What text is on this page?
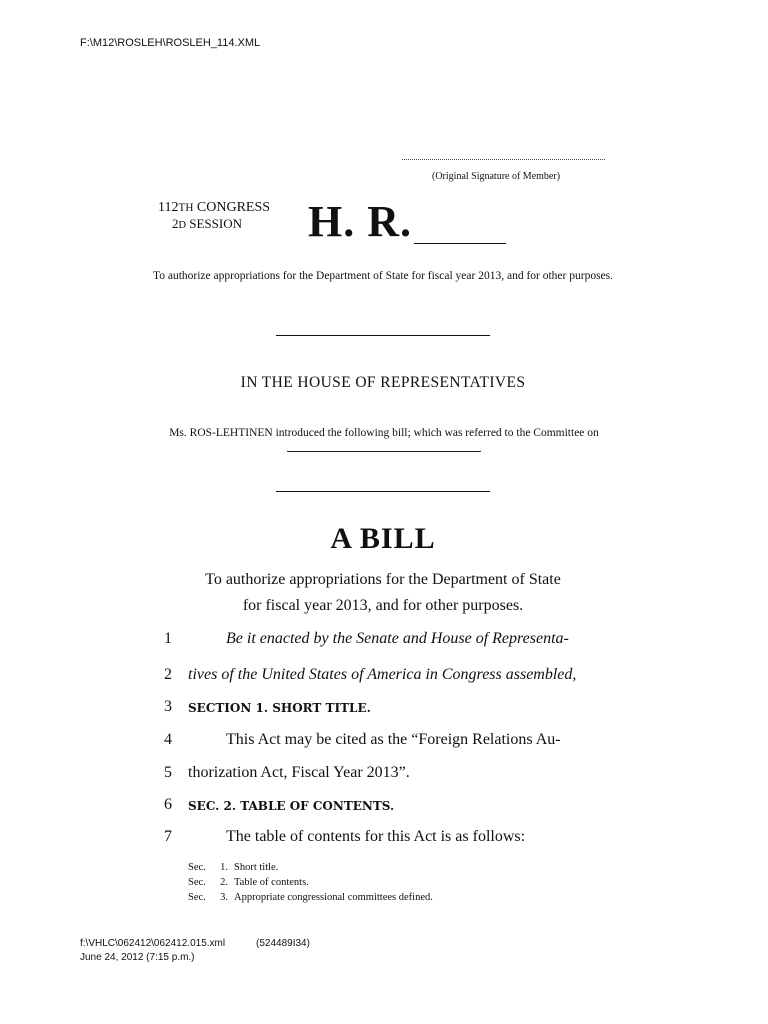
F:\M12\ROSLEH\ROSLEH_114.XML
(Original Signature of Member)
112TH CONGRESS
2D SESSION H. R.
To authorize appropriations for the Department of State for fiscal year 2013, and for other purposes.
IN THE HOUSE OF REPRESENTATIVES
Ms. ROS-LEHTINEN introduced the following bill; which was referred to the Committee on
A BILL
To authorize appropriations for the Department of State
for fiscal year 2013, and for other purposes.
1	Be it enacted by the Senate and House of Representa-
2 tives of the United States of America in Congress assembled,
3	SECTION 1. SHORT TITLE.
4	This Act may be cited as the “Foreign Relations Au-
5 thorization Act, Fiscal Year 2013”.
6	SEC. 2. TABLE OF CONTENTS.
7	The table of contents for this Act is as follows:
Sec.	1. Short title.
Sec.	2. Table of contents.
Sec.	3. Appropriate congressional committees defined.
f:\VHLC\062412\062412.015.xml	(524489I34)
June 24, 2012 (7:15 p.m.)
